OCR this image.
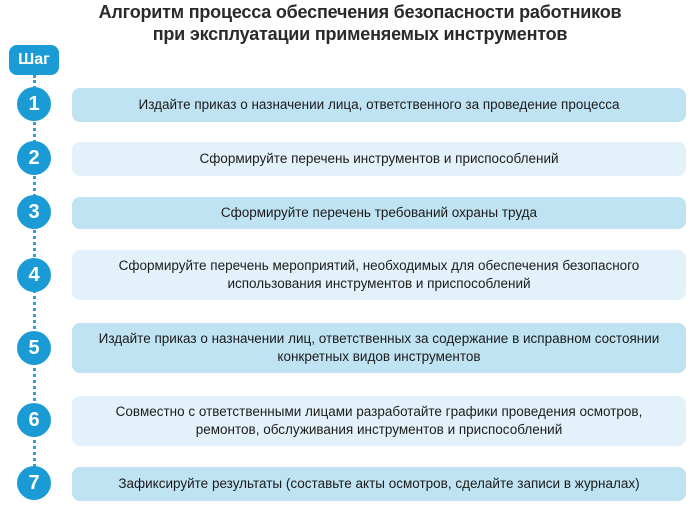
Алгоритм процесса обеспечения безопасности работников
при эксплуатации применяемых инструментов
Шаг
1	Издайте приказ о назначении лица, ответственного за проведение процесса
2	Сформируйте перечень инструментов и приспособлений
3	Сформируйте перечень требований охраны труда
4	Сформируйте перечень мероприятий, необходимых для обеспечения безопасного использования инструментов и приспособлений
5	Издайте приказ о назначении лиц, ответственных за содержание в исправном состоянии конкретных видов инструментов
6	Совместно с ответственными лицами разработайте графики проведения осмотров, ремонтов, обслуживания инструментов и приспособлений
7	Зафиксируйте результаты (составьте акты осмотров, сделайте записи в журналах)
